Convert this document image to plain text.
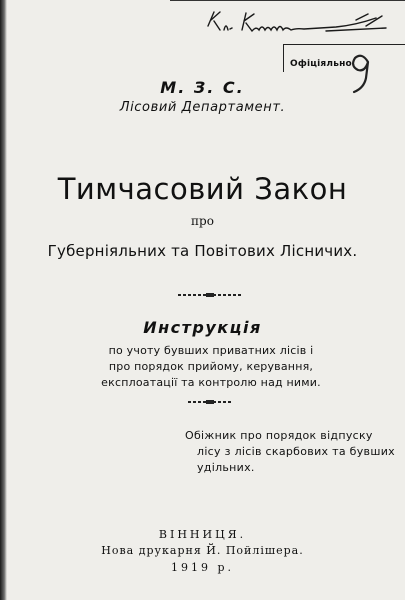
Офіціяльно.
М. З. С.
Лісовий Департамент.
Тимчасовий Закон
про
Губерніяльних та Повітових Лісничих.
Инструкція
по учоту бувших приватних лісів і
про порядок прийому, керування,
експлоатації та контролю над ними.
Обіжник про порядок відпуску
лісу з лісів скарбових та бувших
удільних.
ВІННИЦЯ.
Нова друкарня Й. Пойлішера.
1919 р.
